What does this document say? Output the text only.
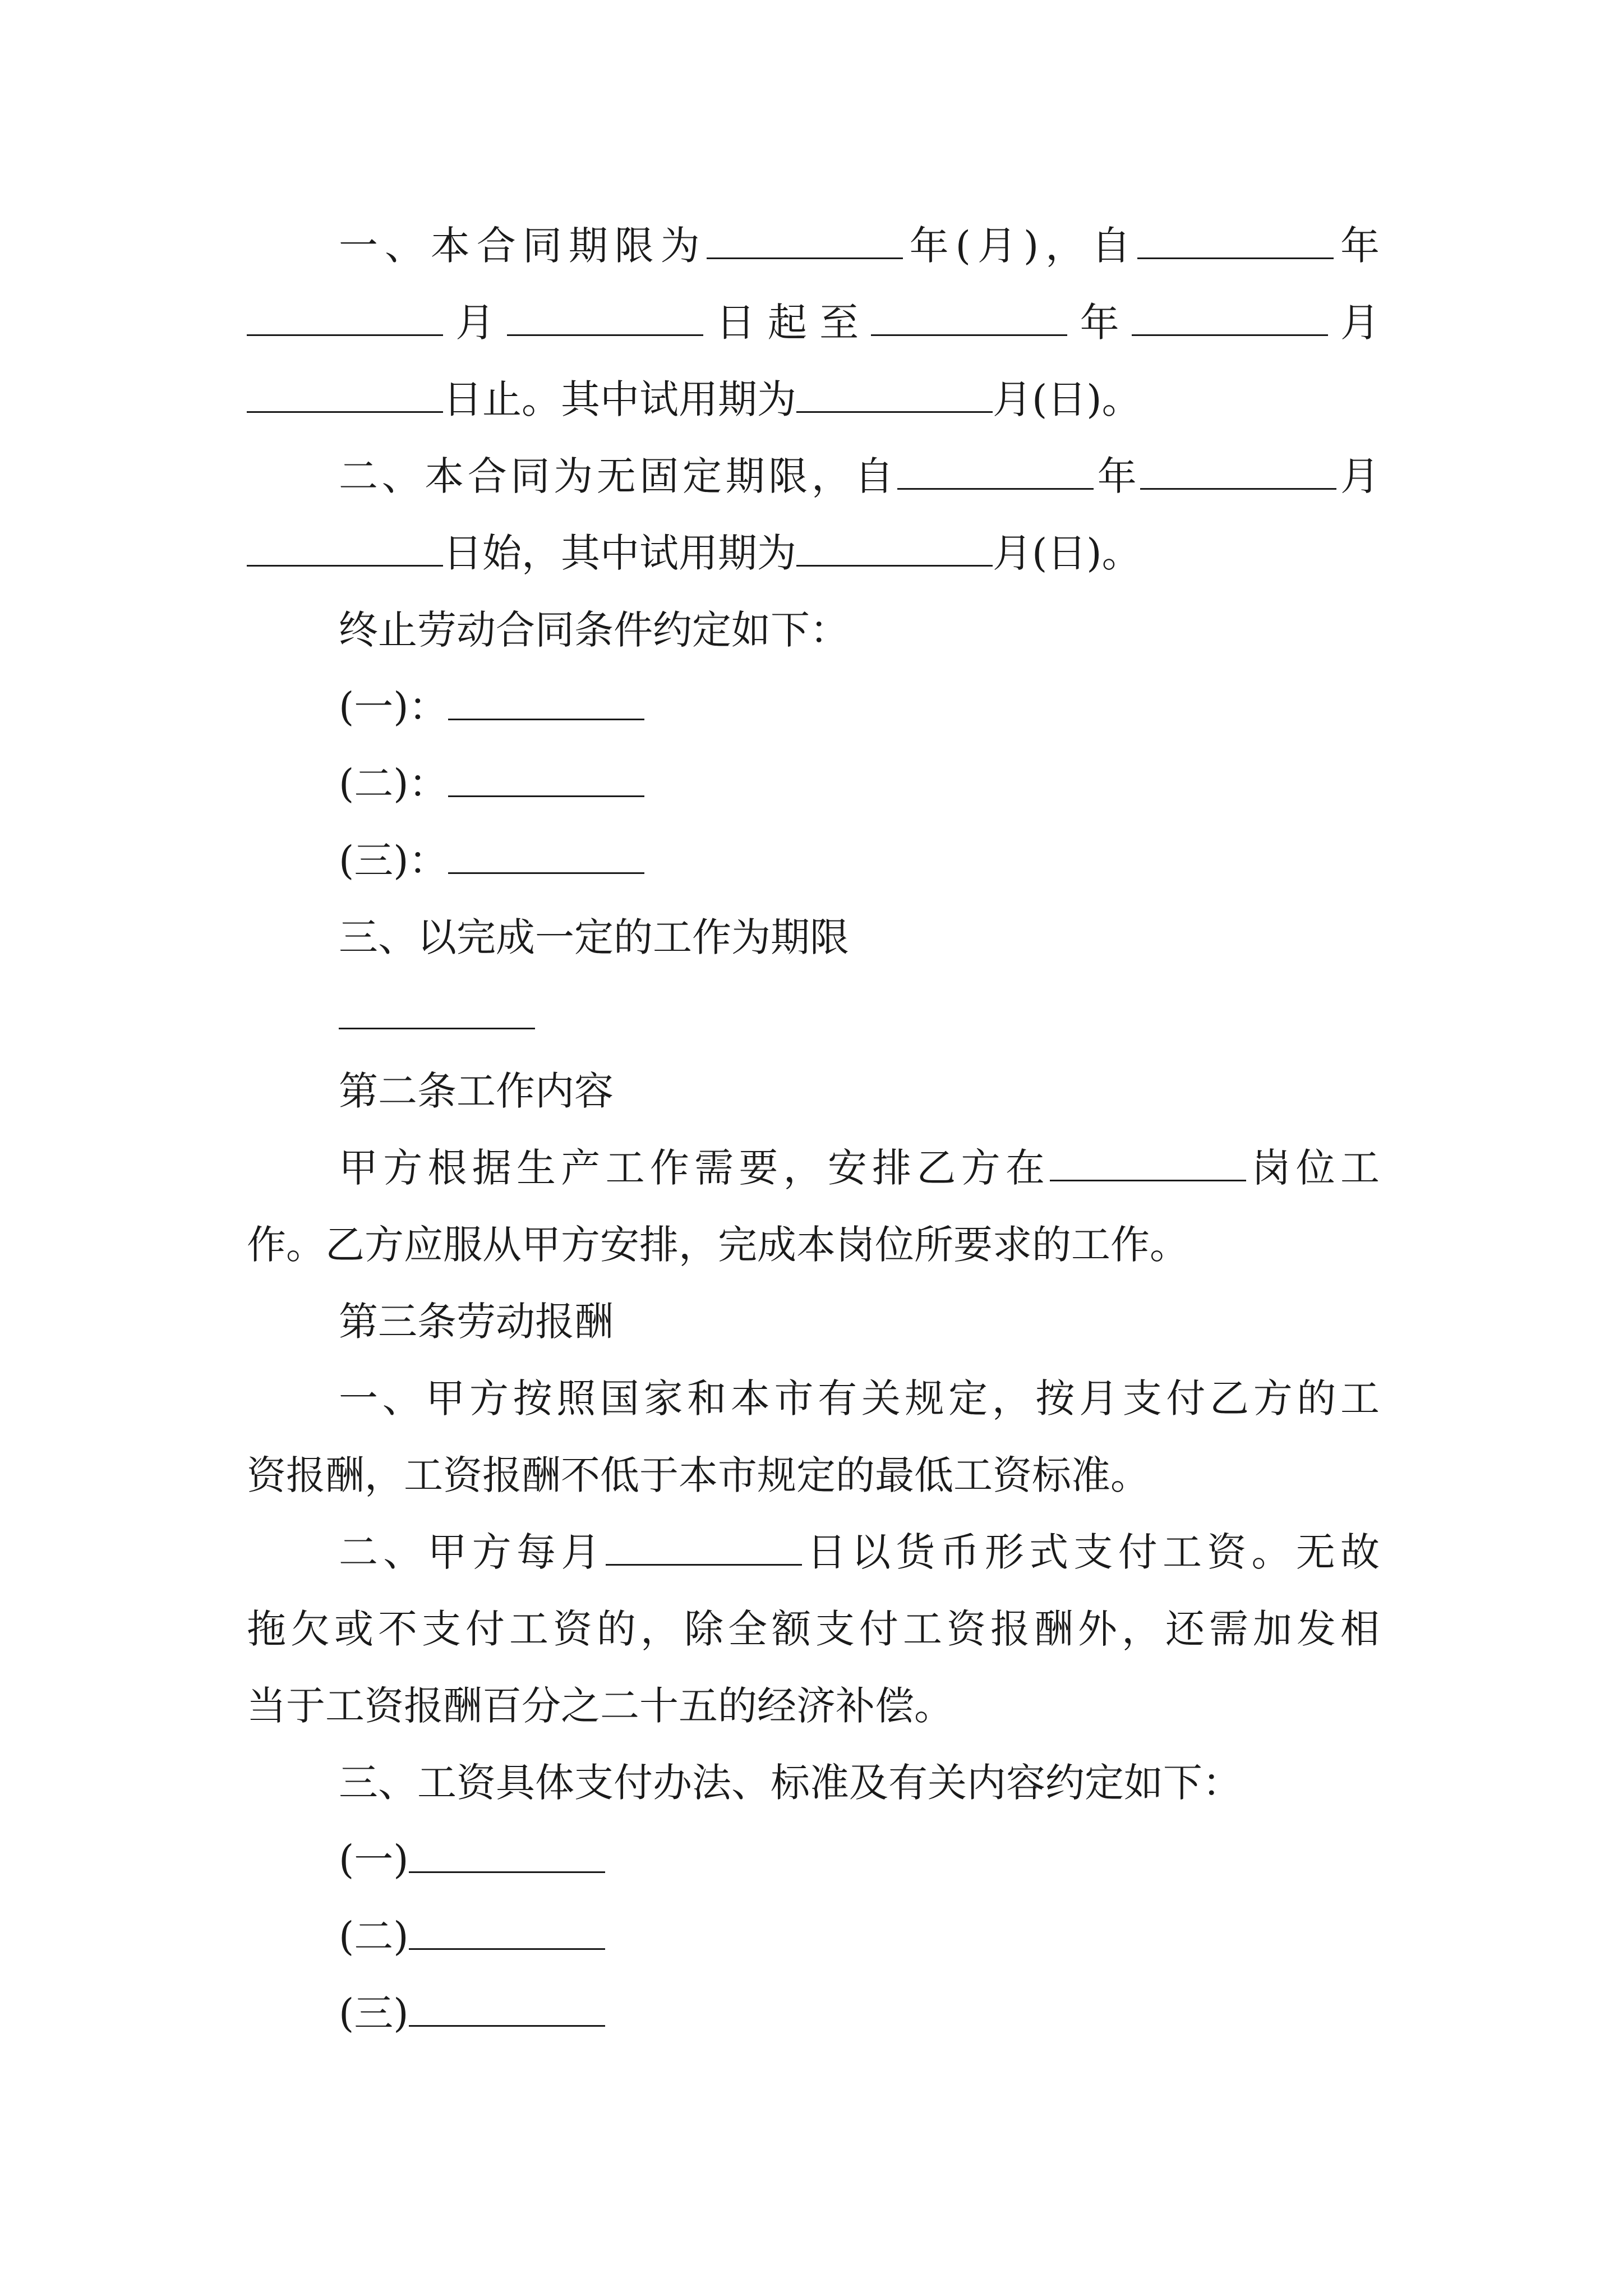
一、本合同期限为	年(月)，自	年
月	日起至	年	月
日止。其中试用期为	月(日)。
二、本合同为无固定期限，自	年	月
日始，其中试用期为	月(日)。
终止劳动合同条件约定如下：
(一)：
(二)：
(三)：
三、以完成一定的工作为期限
第二条工作内容
甲方根据生产工作需要，安排乙方在	岗位工
作。乙方应服从甲方安排，完成本岗位所要求的工作。
第三条劳动报酬
一、甲方按照国家和本市有关规定，按月支付乙方的工
资报酬，工资报酬不低于本市规定的最低工资标准。
二、甲方每月	日以货币形式支付工资。无故
拖欠或不支付工资的，除全额支付工资报酬外，还需加发相
当于工资报酬百分之二十五的经济补偿。
三、工资具体支付办法、标准及有关内容约定如下：
(一)
(二)
(三)
